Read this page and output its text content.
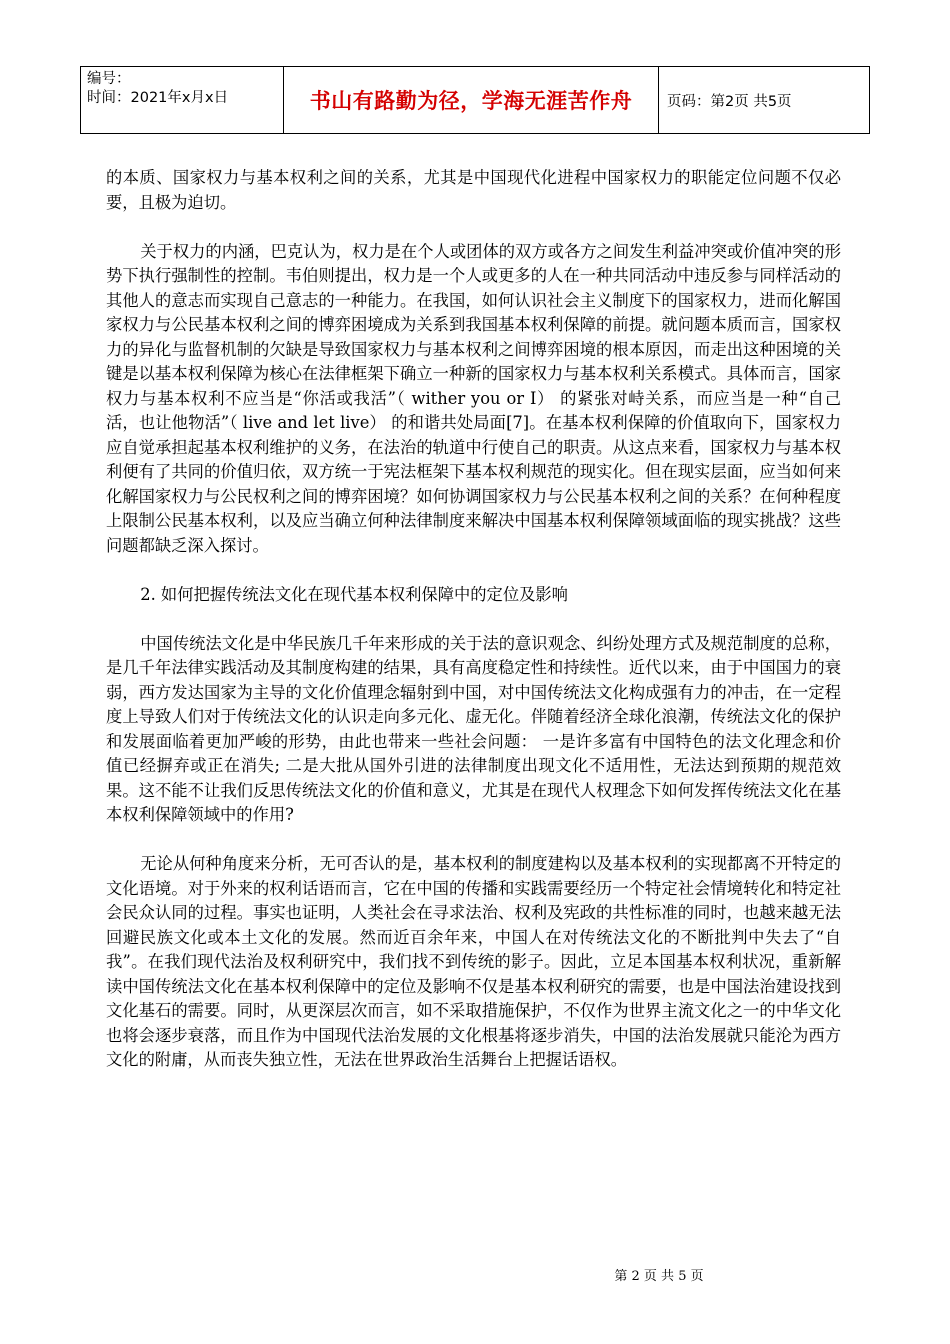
编号：
时间：2021年x月x日	书山有路勤为径，学海无涯苦作舟	页码：第2页 共5页

的本质、国家权力与基本权利之间的关系，尤其是中国现代化进程中国家权力的职能定位问题不仅必要，且极为迫切。

关于权力的内涵，巴克认为，权力是在个人或团体的双方或各方之间发生利益冲突或价值冲突的形势下执行强制性的控制。韦伯则提出，权力是一个人或更多的人在一种共同活动中违反参与同样活动的其他人的意志而实现自己意志的一种能力。在我国，如何认识社会主义制度下的国家权力，进而化解国家权力与公民基本权利之间的博弈困境成为关系到我国基本权利保障的前提。就问题本质而言，国家权力的异化与监督机制的欠缺是导致国家权力与基本权利之间博弈困境的根本原因，而走出这种困境的关键是以基本权利保障为核心在法律框架下确立一种新的国家权力与基本权利关系模式。具体而言，国家权力与基本权利不应当是“你活或我活”（ wither you or I） 的紧张对峙关系，而应当是一种“自己活，也让他物活”（ live and let live） 的和谐共处局面[7]。在基本权利保障的价值取向下，国家权力应自觉承担起基本权利维护的义务，在法治的轨道中行使自己的职责。从这点来看，国家权力与基本权利便有了共同的价值归依，双方统一于宪法框架下基本权利规范的现实化。但在现实层面，应当如何来化解国家权力与公民权利之间的博弈困境？如何协调国家权力与公民基本权利之间的关系？在何种程度上限制公民基本权利，以及应当确立何种法律制度来解决中国基本权利保障领域面临的现实挑战？这些问题都缺乏深入探讨。

2. 如何把握传统法文化在现代基本权利保障中的定位及影响

中国传统法文化是中华民族几千年来形成的关于法的意识观念、纠纷处理方式及规范制度的总称，是几千年法律实践活动及其制度构建的结果，具有高度稳定性和持续性。近代以来，由于中国国力的衰弱，西方发达国家为主导的文化价值理念辐射到中国，对中国传统法文化构成强有力的冲击，在一定程度上导致人们对于传统法文化的认识走向多元化、虚无化。伴随着经济全球化浪潮，传统法文化的保护和发展面临着更加严峻的形势，由此也带来一些社会问题： 一是许多富有中国特色的法文化理念和价值已经摒弃或正在消失; 二是大批从国外引进的法律制度出现文化不适用性，无法达到预期的规范效果。这不能不让我们反思传统法文化的价值和意义，尤其是在现代人权理念下如何发挥传统法文化在基本权利保障领域中的作用?

无论从何种角度来分析，无可否认的是，基本权利的制度建构以及基本权利的实现都离不开特定的文化语境。对于外来的权利话语而言，它在中国的传播和实践需要经历一个特定社会情境转化和特定社会民众认同的过程。事实也证明，人类社会在寻求法治、权利及宪政的共性标准的同时，也越来越无法回避民族文化或本土文化的发展。然而近百余年来，中国人在对传统法文化的不断批判中失去了“自我”。在我们现代法治及权利研究中，我们找不到传统的影子。因此，立足本国基本权利状况，重新解读中国传统法文化在基本权利保障中的定位及影响不仅是基本权利研究的需要，也是中国法治建设找到文化基石的需要。同时，从更深层次而言，如不采取措施保护，不仅作为世界主流文化之一的中华文化也将会逐步衰落，而且作为中国现代法治发展的文化根基将逐步消失，中国的法治发展就只能沦为西方文化的附庸，从而丧失独立性，无法在世界政治生活舞台上把握话语权。

第 2 页 共 5 页
